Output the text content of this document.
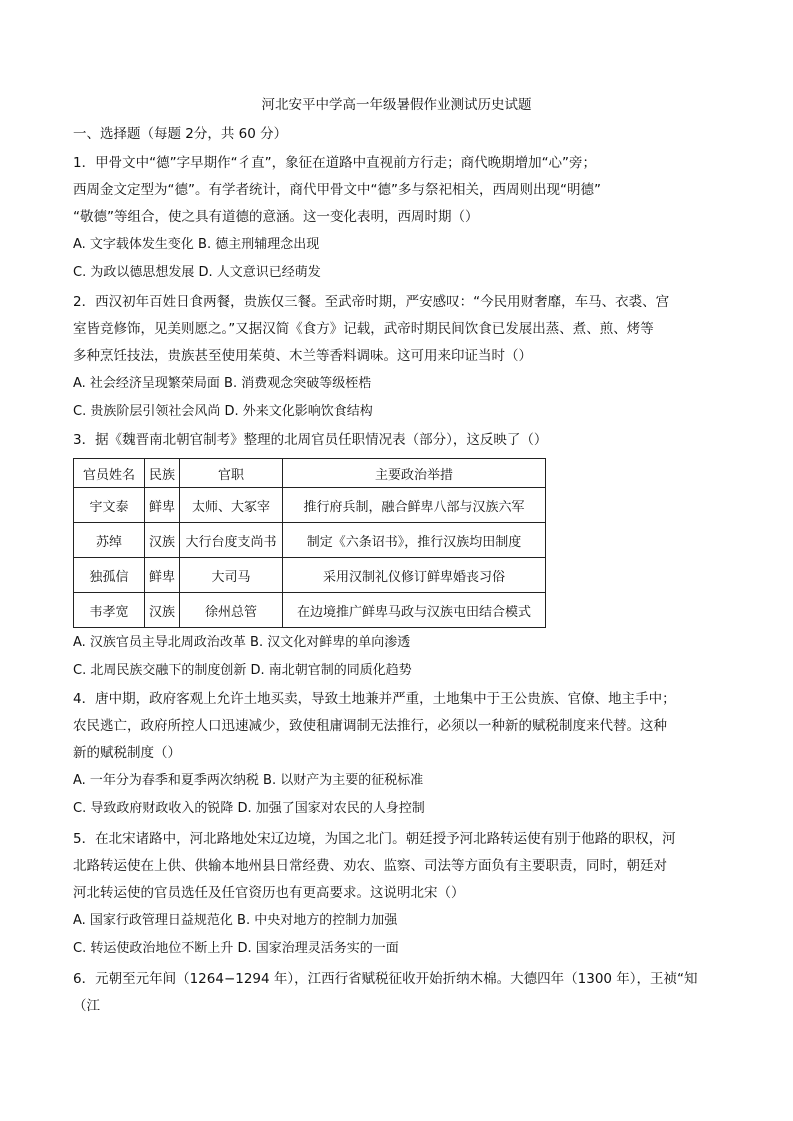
河北安平中学高一年级暑假作业测试历史试题
一、选择题（每题 2分，共 60 分）
1．甲骨文中“德”字早期作“彳直”，象征在道路中直视前方行走；商代晚期增加“心”旁；
西周金文定型为“德”。有学者统计，商代甲骨文中“德”多与祭祀相关，西周则出现“明德”
“敬德”等组合，使之具有道德的意涵。这一变化表明，西周时期（）
A. 文字载体发生变化 B. 德主刑辅理念出现
C. 为政以德思想发展 D. 人文意识已经萌发
2．西汉初年百姓日食两餐，贵族仅三餐。至武帝时期，严安感叹：“今民用财奢靡，车马、衣裘、宫
室皆竞修饰，见美则愿之。”又据汉简《食方》记载，武帝时期民间饮食已发展出蒸、煮、煎、烤等
多种烹饪技法，贵族甚至使用茱萸、木兰等香料调味。这可用来印证当时（）
A. 社会经济呈现繁荣局面 B. 消费观念突破等级桎梏
C. 贵族阶层引领社会风尚 D. 外来文化影响饮食结构
3．据《魏晋南北朝官制考》整理的北周官员任职情况表（部分），这反映了（）
官员姓名	民族	官职	主要政治举措
宇文泰	鲜卑	太师、大冢宰	推行府兵制，融合鲜卑八部与汉族六军
苏绰	汉族	大行台度支尚书	制定《六条诏书》，推行汉族均田制度
独孤信	鲜卑	大司马	采用汉制礼仪修订鲜卑婚丧习俗
韦孝宽	汉族	徐州总管	在边境推广鲜卑马政与汉族屯田结合模式
A. 汉族官员主导北周政治改革 B. 汉文化对鲜卑的单向渗透
C. 北周民族交融下的制度创新 D. 南北朝官制的同质化趋势
4．唐中期，政府客观上允许土地买卖，导致土地兼并严重，土地集中于王公贵族、官僚、地主手中；
农民逃亡，政府所控人口迅速减少，致使租庸调制无法推行，必须以一种新的赋税制度来代替。这种
新的赋税制度（）
A. 一年分为春季和夏季两次纳税 B. 以财产为主要的征税标准
C. 导致政府财政收入的锐降 D. 加强了国家对农民的人身控制
5．在北宋诸路中，河北路地处宋辽边境，为国之北门。朝廷授予河北路转运使有别于他路的职权，河
北路转运使在上供、供输本地州县日常经费、劝农、监察、司法等方面负有主要职责，同时，朝廷对
河北转运使的官员选任及任官资历也有更高要求。这说明北宋（）
A. 国家行政管理日益规范化 B. 中央对地方的控制力加强
C. 转运使政治地位不断上升 D. 国家治理灵活务实的一面
6．元朝至元年间（1264−1294 年），江西行省赋税征收开始折纳木棉。大德四年（1300 年），王祯“知
（江
